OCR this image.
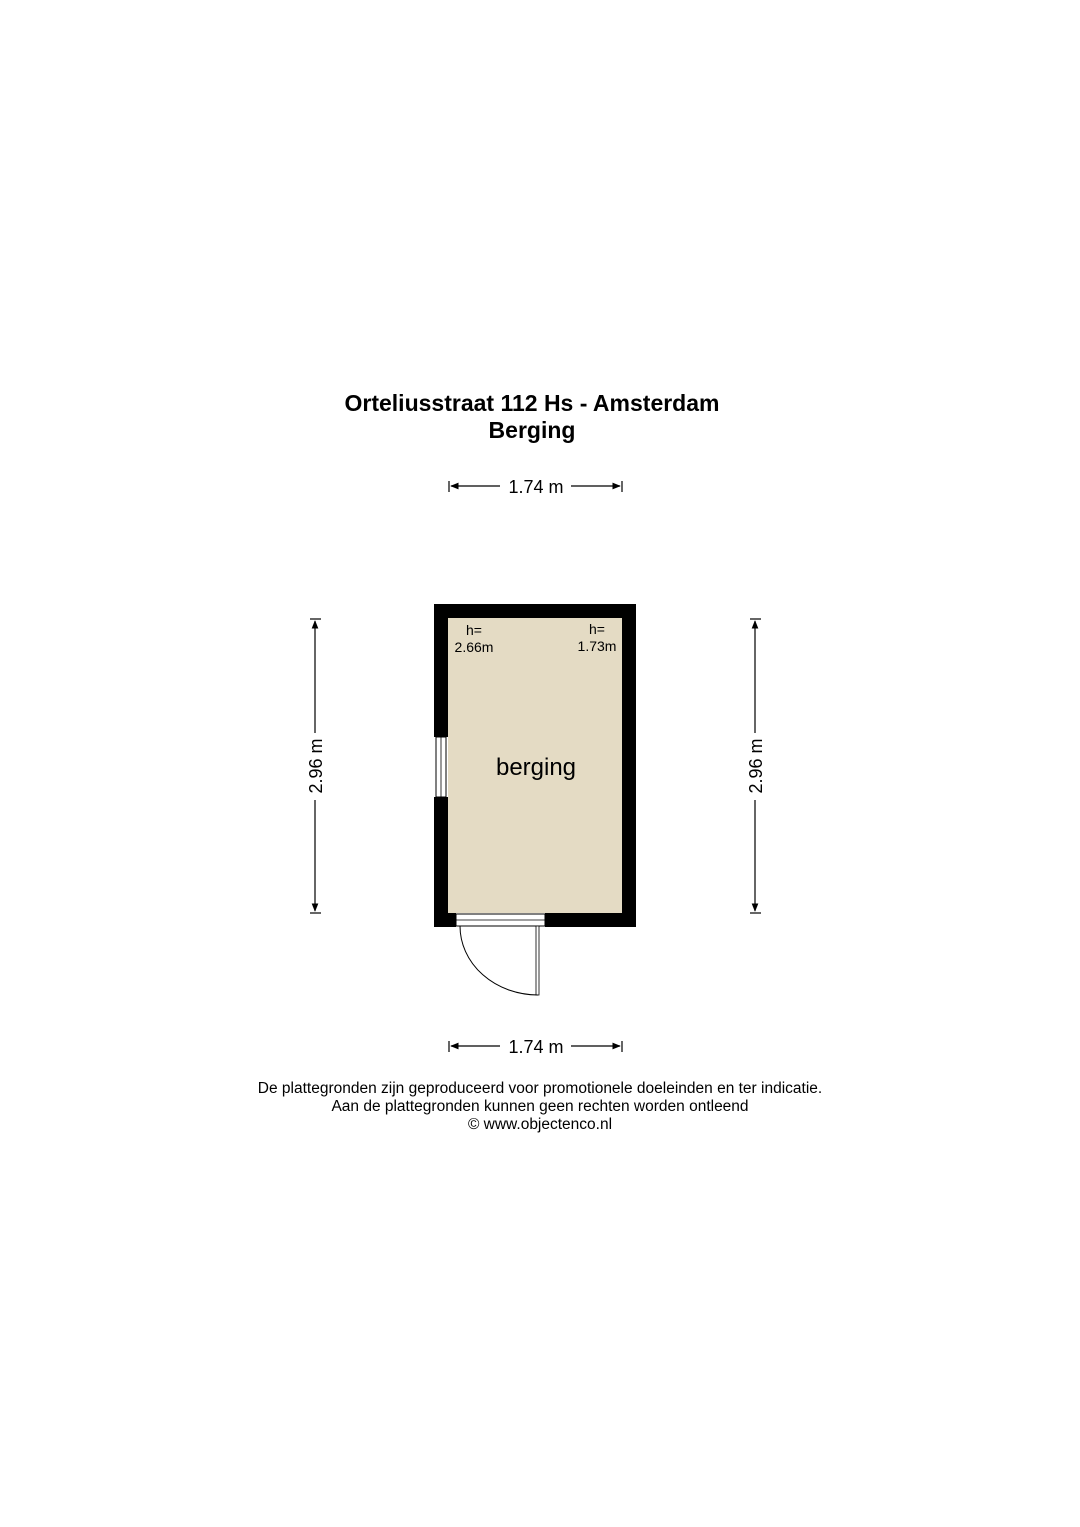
Orteliusstraat 112 Hs - Amsterdam
Berging
1.74 m
1.74 m
2.96 m	2.96 m
h=
2.66m
h=
1.73m
berging
De plattegronden zijn geproduceerd voor promotionele doeleinden en ter indicatie.
Aan de plattegronden kunnen geen rechten worden ontleend
© www.objectenco.nl
